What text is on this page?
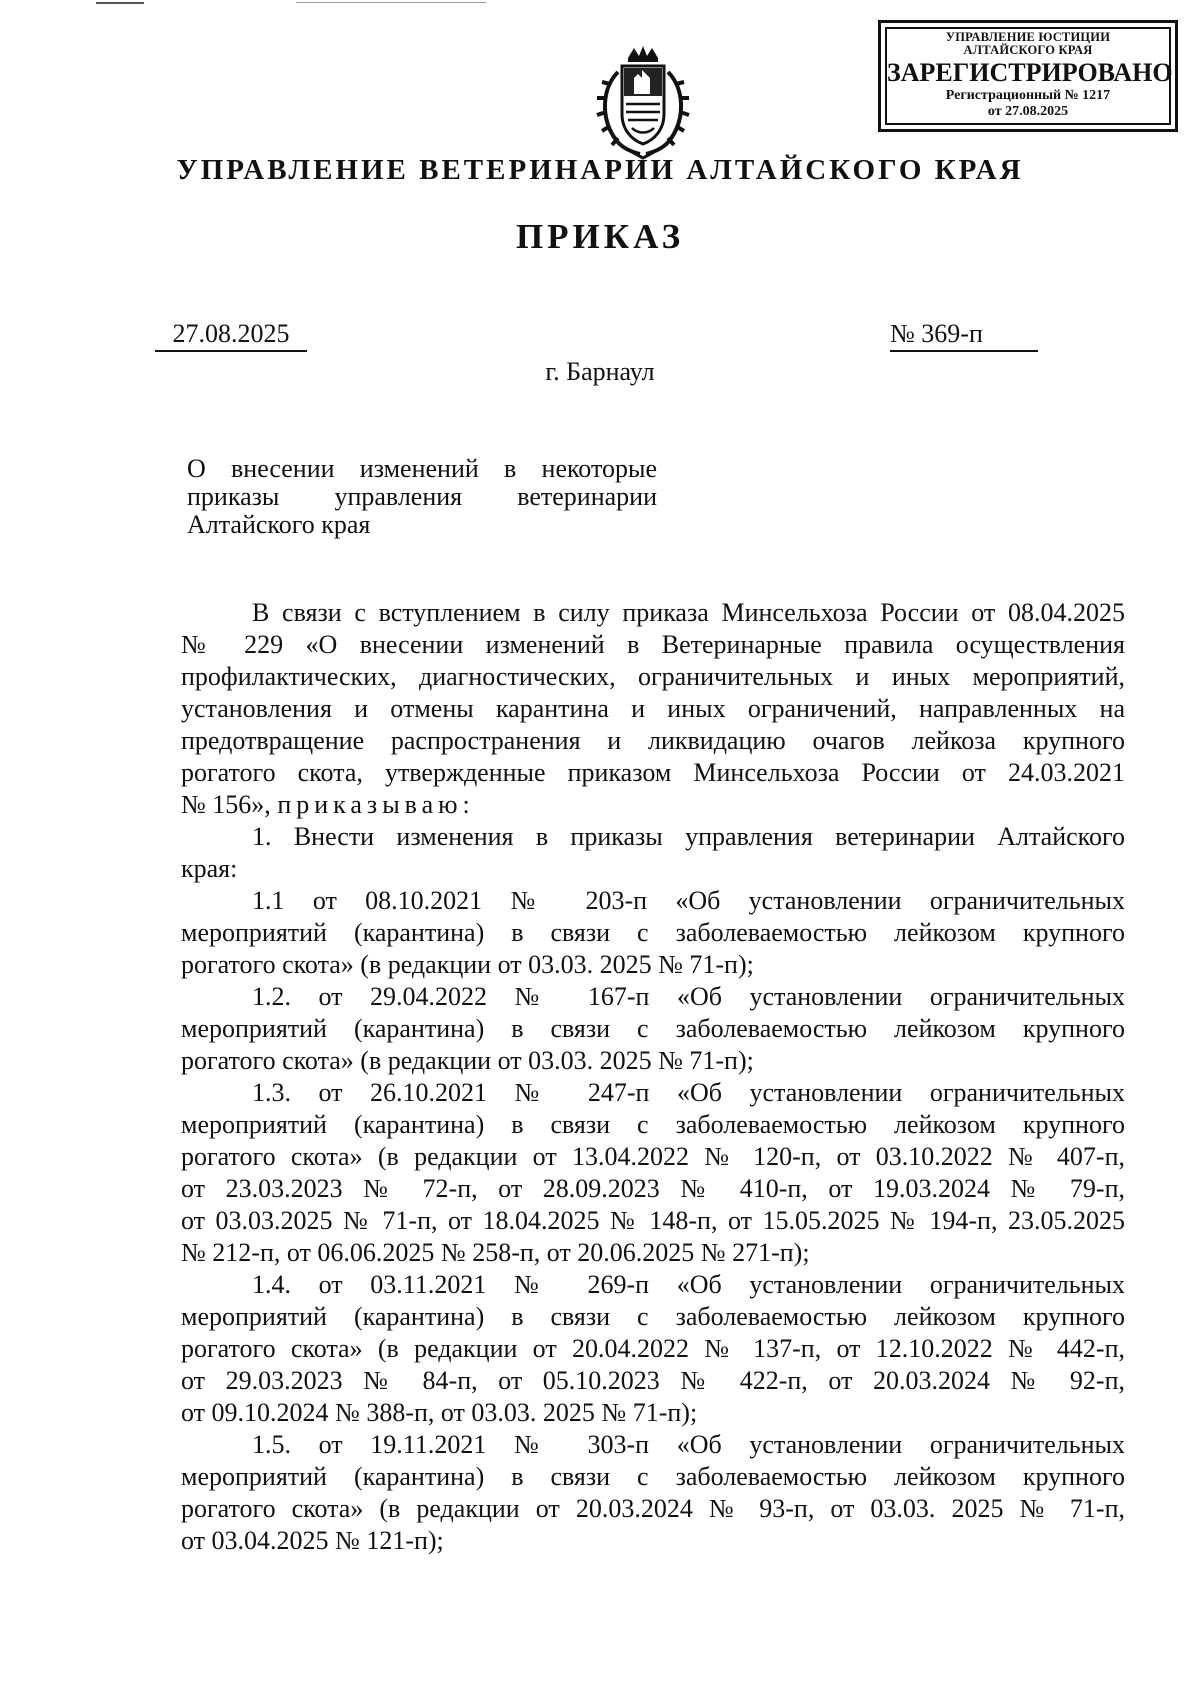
УПРАВЛЕНИЕ ЮСТИЦИИ
АЛТАЙСКОГО КРАЯ
ЗАРЕГИСТРИРОВАНО
Регистрационный № 1217
от 27.08.2025
УПРАВЛЕНИЕ ВЕТЕРИНАРИИ АЛТАЙСКОГО КРАЯ
ПРИКАЗ
27.08.2025	№ 369-п
г. Барнаул
О внесении изменений в некоторые
приказы управления ветеринарии
Алтайского края
В связи с вступлением в силу приказа Минсельхоза России от 08.04.2025
№ 229 «О внесении изменений в Ветеринарные правила осуществления
профилактических, диагностических, ограничительных и иных мероприятий,
установления и отмены карантина и иных ограничений, направленных на
предотвращение распространения и ликвидацию очагов лейкоза крупного
рогатого скота, утвержденные приказом Минсельхоза России от 24.03.2021
№ 156», приказываю:
1. Внести изменения в приказы управления ветеринарии Алтайского
края:
1.1 от 08.10.2021 № 203-п «Об установлении ограничительных
мероприятий (карантина) в связи с заболеваемостью лейкозом крупного
рогатого скота» (в редакции от 03.03. 2025 № 71-п);
1.2. от 29.04.2022 № 167-п «Об установлении ограничительных
мероприятий (карантина) в связи с заболеваемостью лейкозом крупного
рогатого скота» (в редакции от 03.03. 2025 № 71-п);
1.3. от 26.10.2021 № 247-п «Об установлении ограничительных
мероприятий (карантина) в связи с заболеваемостью лейкозом крупного
рогатого скота» (в редакции от 13.04.2022 № 120-п, от 03.10.2022 № 407-п,
от 23.03.2023 № 72-п, от 28.09.2023 № 410-п, от 19.03.2024 № 79-п,
от 03.03.2025 № 71-п, от 18.04.2025 № 148-п, от 15.05.2025 № 194-п, 23.05.2025
№ 212-п, от 06.06.2025 № 258-п, от 20.06.2025 № 271-п);
1.4. от 03.11.2021 № 269-п «Об установлении ограничительных
мероприятий (карантина) в связи с заболеваемостью лейкозом крупного
рогатого скота» (в редакции от 20.04.2022 № 137-п, от 12.10.2022 № 442-п,
от 29.03.2023 № 84-п, от 05.10.2023 № 422-п, от 20.03.2024 № 92-п,
от 09.10.2024 № 388-п, от 03.03. 2025 № 71-п);
1.5. от 19.11.2021 № 303-п «Об установлении ограничительных
мероприятий (карантина) в связи с заболеваемостью лейкозом крупного
рогатого скота» (в редакции от 20.03.2024 № 93-п, от 03.03. 2025 № 71-п,
от 03.04.2025 № 121-п);
